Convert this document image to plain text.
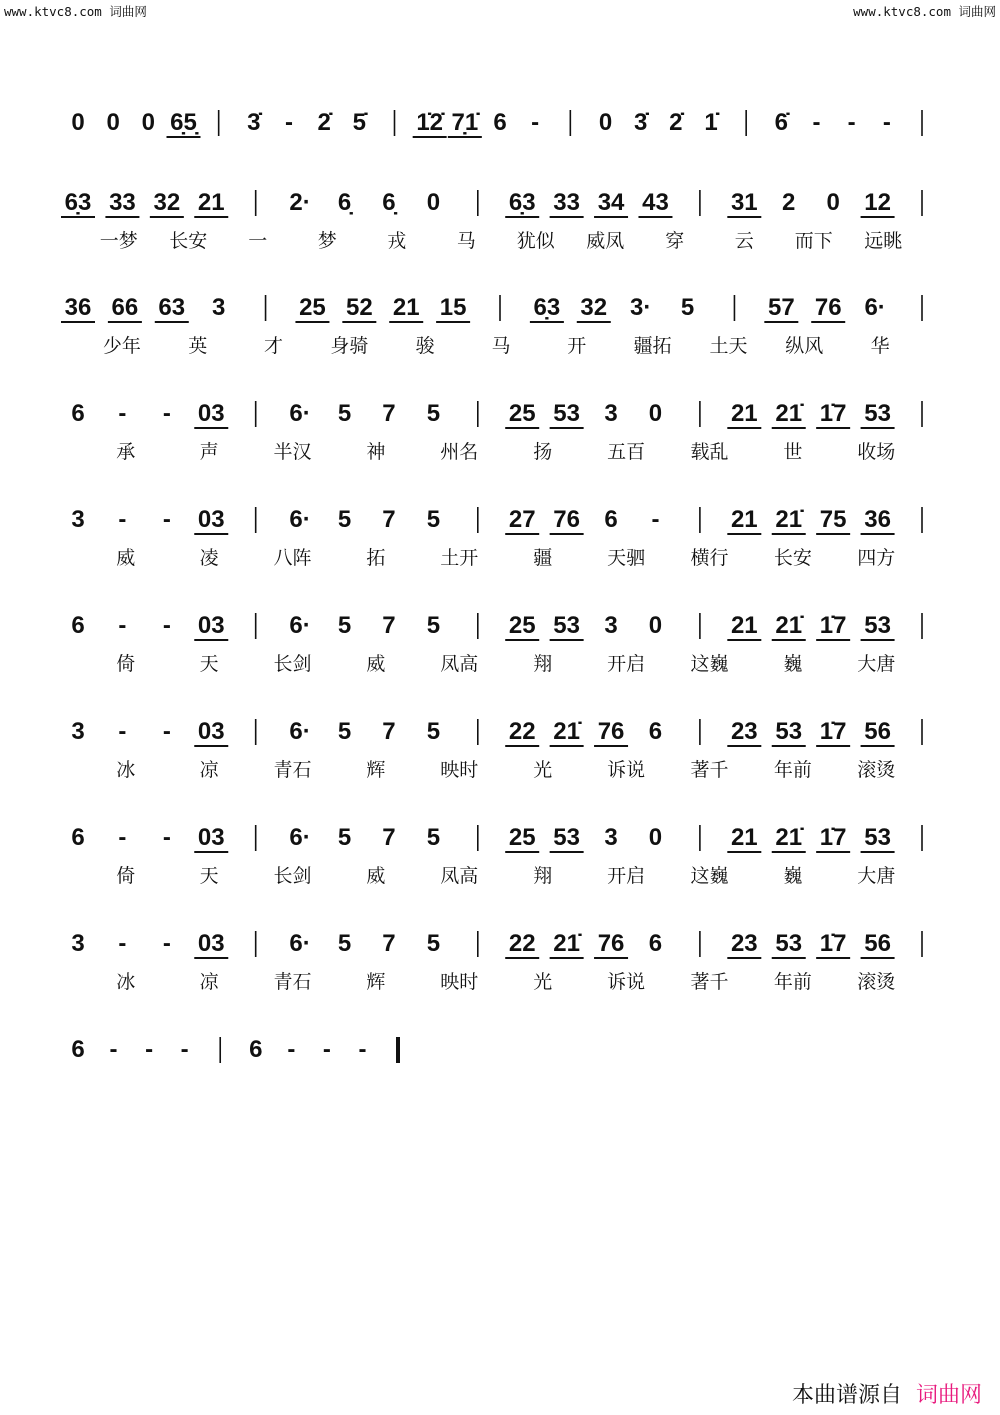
www.ktvc8.com 词曲网	www.ktvc8.com 词曲网
0 0 0 6̣5̣ 3̇ - 2̇ 5̇ 1̇2̇ 7̣1̇ 6 - 0 3̇ 2̇ 1̇̇ 6̇ - - -
6̣3 33 32 21	2· 6̣ 6̣ 0	6̣3 33 34 43	31 2 0 12
一梦 长安 一	梦	戎	马 犹似 威凤 穿	云 而下 远眺
36 66 63 3	25 52 21 15	6̣3 32 3· 5	57 76 6·
少年 英	才 身骑 骏	马	开 疆拓 土天 纵风 华
6 - - 03	6· 5 7 5	25 53 3 0	21 21̇ 1̇7 53
承	声	半汉	神	州名	扬	五百 载乱	世	收场
3 - - 03	6· 5 7 5	27 76 6 -	21 21̇ 75 36
威	凌	八阵	拓	土开	疆	天驷 横行 长安 四方
6 - - 03	6· 5 7 5	25 53 3 0	21 21̇ 1̇7 53
倚	天	长剑	威	凤高	翔	开启 这巍	巍	大唐
3 - - 03	6· 5 7 5	22 21̇ 76 6	23 53 1̇7 56
冰	凉	青石	辉	映时	光	诉说 著千 年前 滚烫
6 - - 03	6· 5 7 5	25 53 3 0	21 21̇ 1̇7 53
倚	天	长剑	威	凤高	翔	开启 这巍	巍	大唐
3 - - 03	6· 5 7 5	22 21̇ 76 6	23 53 1̇7 56
冰	凉	青石	辉	映时	光	诉说 著千 年前 滚烫
6 - - -	6 - - -
本曲谱源自 词曲网
